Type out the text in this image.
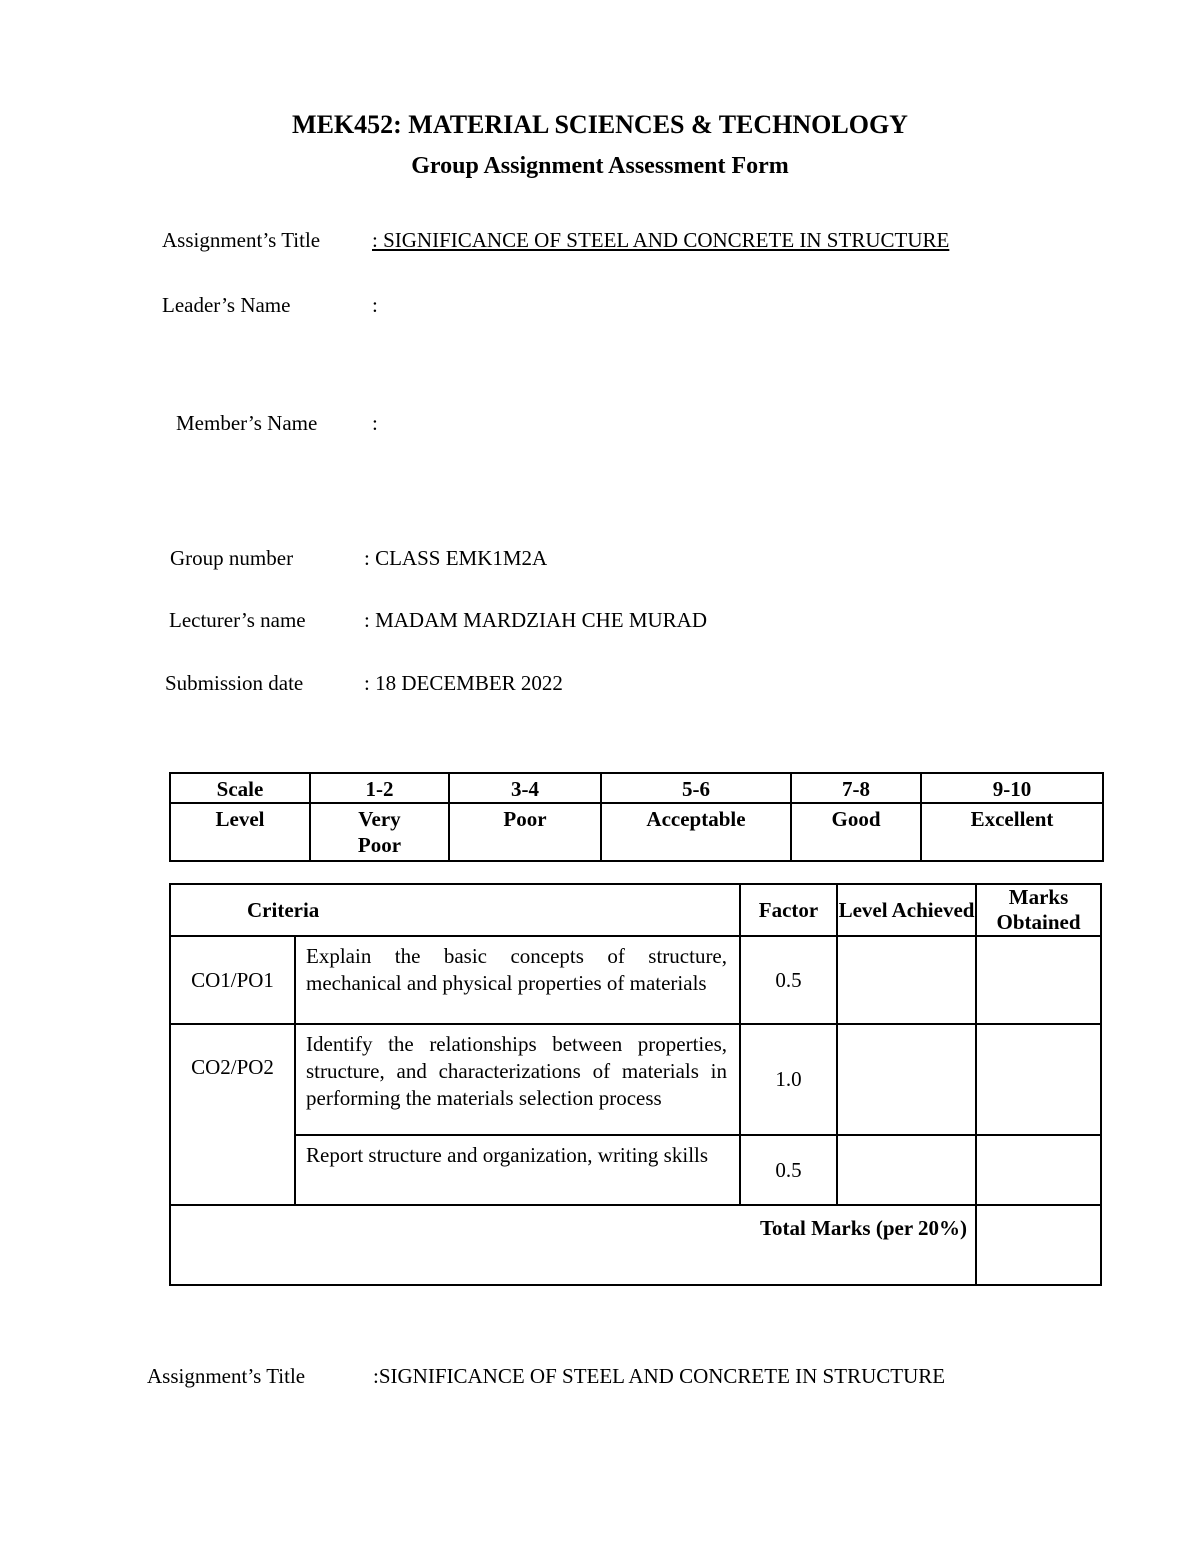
MEK452: MATERIAL SCIENCES & TECHNOLOGY
Group Assignment Assessment Form
Assignment’s Title : SIGNIFICANCE OF STEEL AND CONCRETE IN STRUCTURE
Leader’s Name	:
Member’s Name	:
Group number	: CLASS EMK1M2A
Lecturer’s name	: MADAM MARDZIAH CHE MURAD
Submission date	: 18 DECEMBER 2022
Scale	1-2	3-4	5-6	7-8	9-10
Level	Very Poor	Poor	Acceptable	Good	Excellent
Criteria		Factor	Level Achieved	Marks Obtained
CO1/PO1	Explain the basic concepts of structure, mechanical and physical properties of materials	0.5		
CO2/PO2	Identify the relationships between properties, structure, and characterizations of materials in performing the materials selection process	1.0		
	Report structure and organization, writing skills	0.5		
Total Marks (per 20%)				
Assignment’s Title	:SIGNIFICANCE OF STEEL AND CONCRETE IN STRUCTURE
